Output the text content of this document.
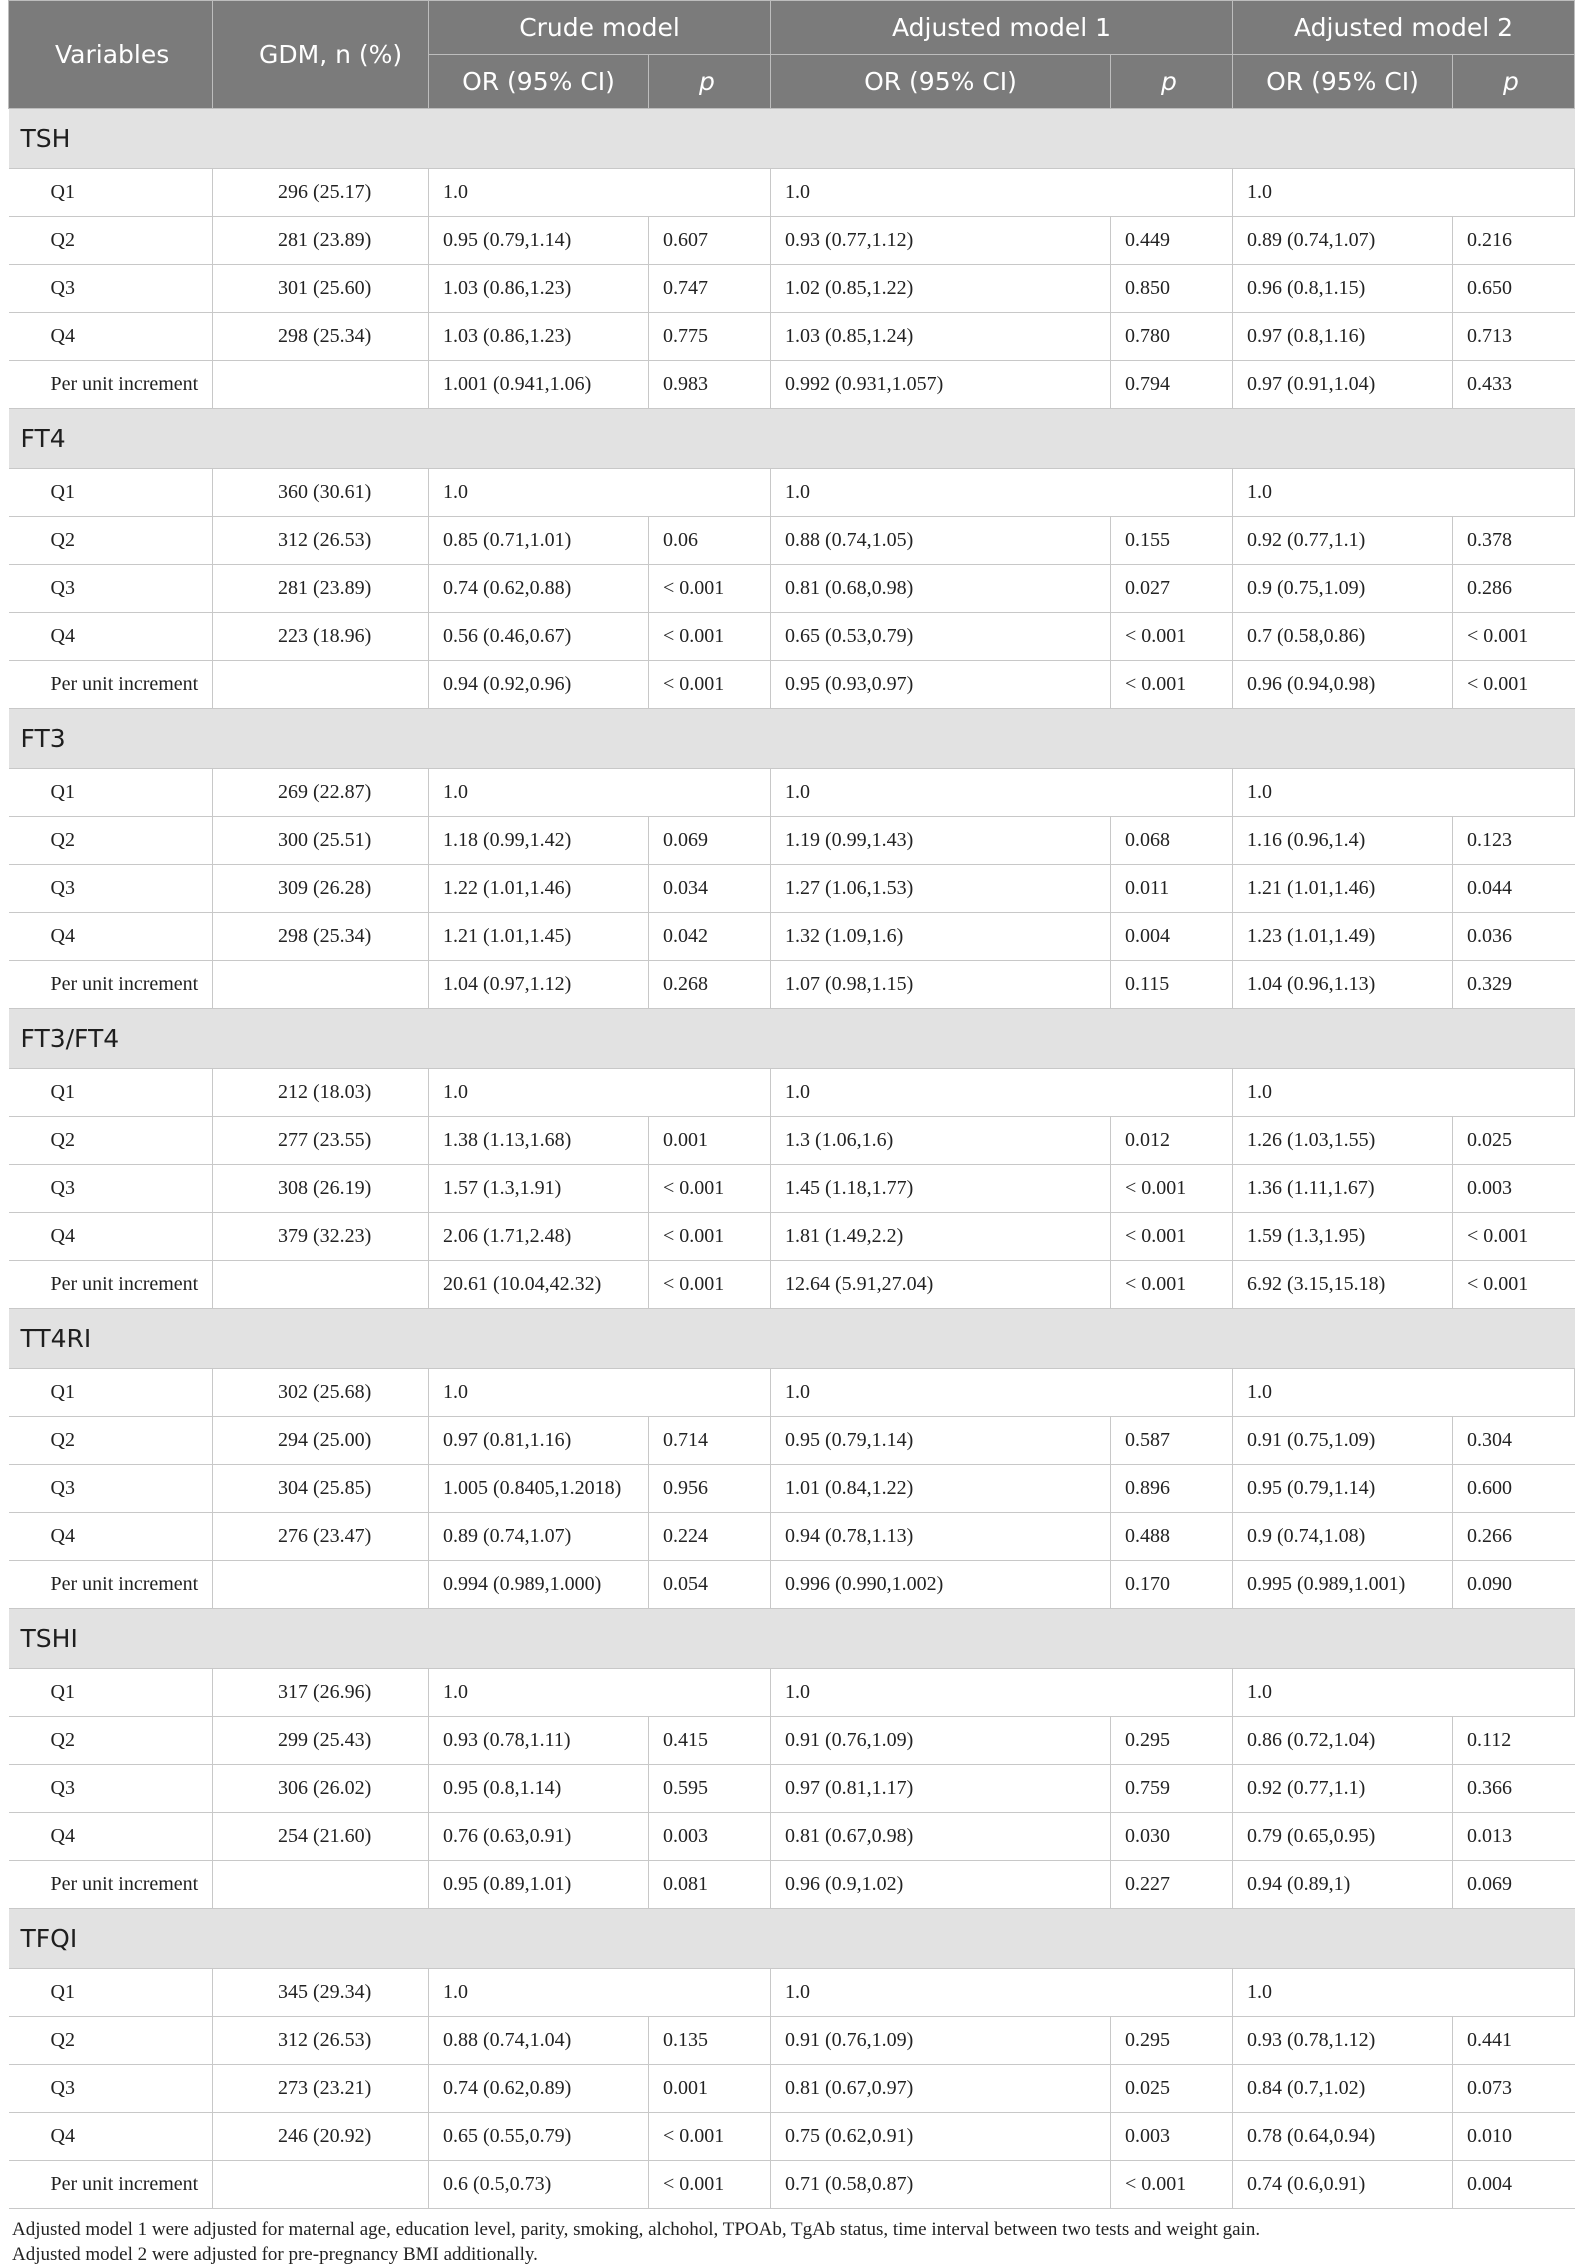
Variables	GDM, n (%)	Crude model		Adjusted model 1		Adjusted model 2	
		OR (95% CI)	p	OR (95% CI)	p	OR (95% CI)	p
TSH							
Q1	296 (25.17)	1.0		1.0		1.0	
Q2	281 (23.89)	0.95 (0.79,1.14)	0.607	0.93 (0.77,1.12)	0.449	0.89 (0.74,1.07)	0.216
Q3	301 (25.60)	1.03 (0.86,1.23)	0.747	1.02 (0.85,1.22)	0.850	0.96 (0.8,1.15)	0.650
Q4	298 (25.34)	1.03 (0.86,1.23)	0.775	1.03 (0.85,1.24)	0.780	0.97 (0.8,1.16)	0.713
Per unit increment		1.001 (0.941,1.06)	0.983	0.992 (0.931,1.057)	0.794	0.97 (0.91,1.04)	0.433
FT4							
Q1	360 (30.61)	1.0		1.0		1.0	
Q2	312 (26.53)	0.85 (0.71,1.01)	0.06	0.88 (0.74,1.05)	0.155	0.92 (0.77,1.1)	0.378
Q3	281 (23.89)	0.74 (0.62,0.88)	< 0.001	0.81 (0.68,0.98)	0.027	0.9 (0.75,1.09)	0.286
Q4	223 (18.96)	0.56 (0.46,0.67)	< 0.001	0.65 (0.53,0.79)	< 0.001	0.7 (0.58,0.86)	< 0.001
Per unit increment		0.94 (0.92,0.96)	< 0.001	0.95 (0.93,0.97)	< 0.001	0.96 (0.94,0.98)	< 0.001
FT3							
Q1	269 (22.87)	1.0		1.0		1.0	
Q2	300 (25.51)	1.18 (0.99,1.42)	0.069	1.19 (0.99,1.43)	0.068	1.16 (0.96,1.4)	0.123
Q3	309 (26.28)	1.22 (1.01,1.46)	0.034	1.27 (1.06,1.53)	0.011	1.21 (1.01,1.46)	0.044
Q4	298 (25.34)	1.21 (1.01,1.45)	0.042	1.32 (1.09,1.6)	0.004	1.23 (1.01,1.49)	0.036
Per unit increment		1.04 (0.97,1.12)	0.268	1.07 (0.98,1.15)	0.115	1.04 (0.96,1.13)	0.329
FT3/FT4							
Q1	212 (18.03)	1.0		1.0		1.0	
Q2	277 (23.55)	1.38 (1.13,1.68)	0.001	1.3 (1.06,1.6)	0.012	1.26 (1.03,1.55)	0.025
Q3	308 (26.19)	1.57 (1.3,1.91)	< 0.001	1.45 (1.18,1.77)	< 0.001	1.36 (1.11,1.67)	0.003
Q4	379 (32.23)	2.06 (1.71,2.48)	< 0.001	1.81 (1.49,2.2)	< 0.001	1.59 (1.3,1.95)	< 0.001
Per unit increment		20.61 (10.04,42.32)	< 0.001	12.64 (5.91,27.04)	< 0.001	6.92 (3.15,15.18)	< 0.001
TT4RI							
Q1	302 (25.68)	1.0		1.0		1.0	
Q2	294 (25.00)	0.97 (0.81,1.16)	0.714	0.95 (0.79,1.14)	0.587	0.91 (0.75,1.09)	0.304
Q3	304 (25.85)	1.005 (0.8405,1.2018)	0.956	1.01 (0.84,1.22)	0.896	0.95 (0.79,1.14)	0.600
Q4	276 (23.47)	0.89 (0.74,1.07)	0.224	0.94 (0.78,1.13)	0.488	0.9 (0.74,1.08)	0.266
Per unit increment		0.994 (0.989,1.000)	0.054	0.996 (0.990,1.002)	0.170	0.995 (0.989,1.001)	0.090
TSHI							
Q1	317 (26.96)	1.0		1.0		1.0	
Q2	299 (25.43)	0.93 (0.78,1.11)	0.415	0.91 (0.76,1.09)	0.295	0.86 (0.72,1.04)	0.112
Q3	306 (26.02)	0.95 (0.8,1.14)	0.595	0.97 (0.81,1.17)	0.759	0.92 (0.77,1.1)	0.366
Q4	254 (21.60)	0.76 (0.63,0.91)	0.003	0.81 (0.67,0.98)	0.030	0.79 (0.65,0.95)	0.013
Per unit increment		0.95 (0.89,1.01)	0.081	0.96 (0.9,1.02)	0.227	0.94 (0.89,1)	0.069
TFQI							
Q1	345 (29.34)	1.0		1.0		1.0	
Q2	312 (26.53)	0.88 (0.74,1.04)	0.135	0.91 (0.76,1.09)	0.295	0.93 (0.78,1.12)	0.441
Q3	273 (23.21)	0.74 (0.62,0.89)	0.001	0.81 (0.67,0.97)	0.025	0.84 (0.7,1.02)	0.073
Q4	246 (20.92)	0.65 (0.55,0.79)	< 0.001	0.75 (0.62,0.91)	0.003	0.78 (0.64,0.94)	0.010
Per unit increment		0.6 (0.5,0.73)	< 0.001	0.71 (0.58,0.87)	< 0.001	0.74 (0.6,0.91)	0.004
Adjusted model 1 were adjusted for maternal age, education level, parity, smoking, alchohol, TPOAb, TgAb status, time interval between two tests and weight gain.
Adjusted model 2 were adjusted for pre-pregnancy BMI additionally.
